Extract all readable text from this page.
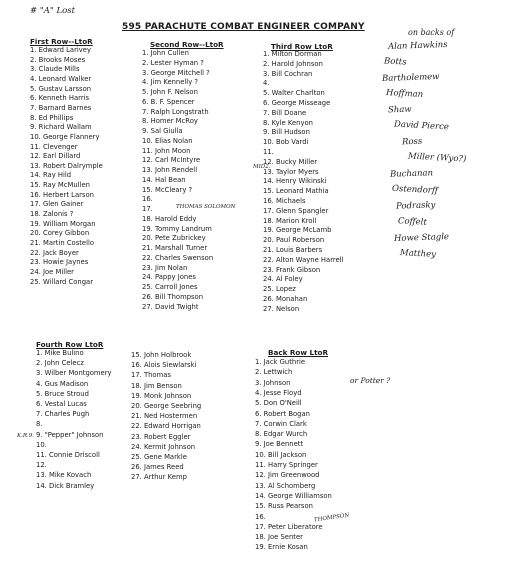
# "A" Lost
595 PARACHUTE COMBAT ENGINEER COMPANY
First Row--LtoR
1. Edward Larivey
2. Brooks Moses
3. Claude Mills
4. Leonard Walker
5. Gustav Larsson
6. Kenneth Harris
7. Barnard Barnes
8. Ed Phillips
9. Richard Wallam
10. George Flannery
11. Clevenger
12. Earl Dillard
13. Robert Dalrymple
14. Ray Hild
15. Ray McMullen
16. Herbert Larson
17. Glen Gainer
18. Zalonis ?
19. William Morgan
20. Corey Gibbon
21. Martin Costello
22. Jack Boyer
23. Howie Jaynes
24. Joe Miller
25. Willard Congar
Second Row--LtoR
1. John Cullen
2. Lester Hyman ?
3. George Mitchell ?
4. Jim Kennelly ?
5. John F. Nelson
6. B. F. Spencer
7. Ralph Longstrath
8. Homer McRoy
9. Sal Giulla
10. Elias Nolan
11. John Moon
12. Carl McIntyre
13. John Rendell
14. Hal Bean
15. McCleary ?
16.
17.
18. Harold Eddy
19. Tommy Landrum
20. Pete Zubrickey
21. Marshall Turner
22. Charles Swenson
23. Jim Nolan
24. Pappy Jones
25. Carroll Jones
26. Bill Thompson
27. David Twight
Third Row LtoR
1. Milton Dorman
2. Harold Johnson
3. Bill Cochran
4.
5. Walter Charlton
6. George Misseage
7. Bill Doane
8. Kyle Kenyon
9. Bill Hudson
10. Bob Vardi
11.
12. Bucky Miller
13. Taylor Myers
14. Henry Wikinski
15. Leonard Mathia
16. Michaels
17. Glenn Spangler
18. Marion Kroll
19. George McLamb
20. Paul Roberson
21. Louis Barbers
22. Alton Wayne Harrell
23. Frank Gibson
24. Al Foley
25. Lopez
26. Monahan
27. Nelson
Fourth Row LtoR
1. Mike Bulino
2. John Celecz
3. Wilber Montgomery
4. Gus Madison
5. Bruce Stroud
6. Vestal Lucas
7. Charles Pugh
8.
9. "Pepper" Johnson
10.
11. Connie Driscoll
12.
13. Mike Kovach
14. Dick Bramley
15. John Holbrook
16. Alois Siewlarski
17. Thomas
18. Jim Benson
19. Monk Johnson
20. George Seebring
21. Ned Hostermen
22. Edward Horrigan
23. Robert Eggler
24. Kermit Johnson
25. Gene Markle
26. James Reed
27. Arthur Kemp
Back Row LtoR
1. Jack Guthrie
2. Lettwich
3. Johnson
4. Jesse Floyd
5. Don O'Neill
6. Robert Bogan
7. Corwin Clark
8. Edgar Wurch
9. Joe Bennett
10. Bill Jackson
11. Harry Springer
12. Jim Greenwood
13. Al Schomberg
14. George Williamson
15. Russ Pearson
16.
17. Peter Liberatore
18. Joe Senter
19. Ernie Kosan
THOMAS SOLOMON
MID2.
K.R.9.
or Potter ?
THOMPSON
on backs of
Alan Hawkins
Botts
Bartholemew
Hoffman
Shaw
David Pierce
Ross
Miller (Wyo?)
Buchanan
Ostendorff
Podrasky
Coffelt
Howe Stagle
Matthey
